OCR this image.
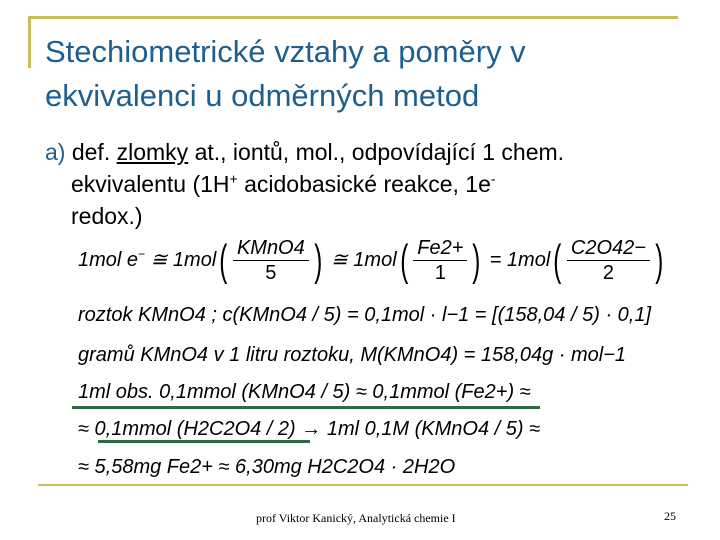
Stechiometrické vztahy a poměry v ekvivalenci u odměrných metod
a) def. zlomky at., iontů, mol., odpovídající 1 chem.
ekvivalentu (1H+ acidobasické reakce, 1e-
redox.)
1mol e− ≅ $1mol( \frac{\text{KMnO4}}{5}$ ) ≅ $1mol( \frac{Fe2+}{1}$ ) = $1mol( \frac{C2O42-}{2}$ )
roztok KMnO4 ; c(KMnO4 / 5) = 0,1mol · l−1 = [(158,04 / 5) · 0,1]
gramů KMnO4 v 1 litru roztoku, M(KMnO4) = 158,04g · mol−1
1ml obs. 0,1mmol (KMnO4 / 5) ≈ 0,1mmol (Fe2+) ≈
≈ 0,1mmol (H2C2O4 / 2) → 1ml 0,1M (KMnO4 / 5) ≈
≈ 5,58mg Fe2+ ≈ 6,30mg H2C2O4 · 2H2O
prof Viktor Kanický, Analytická chemie I	25
